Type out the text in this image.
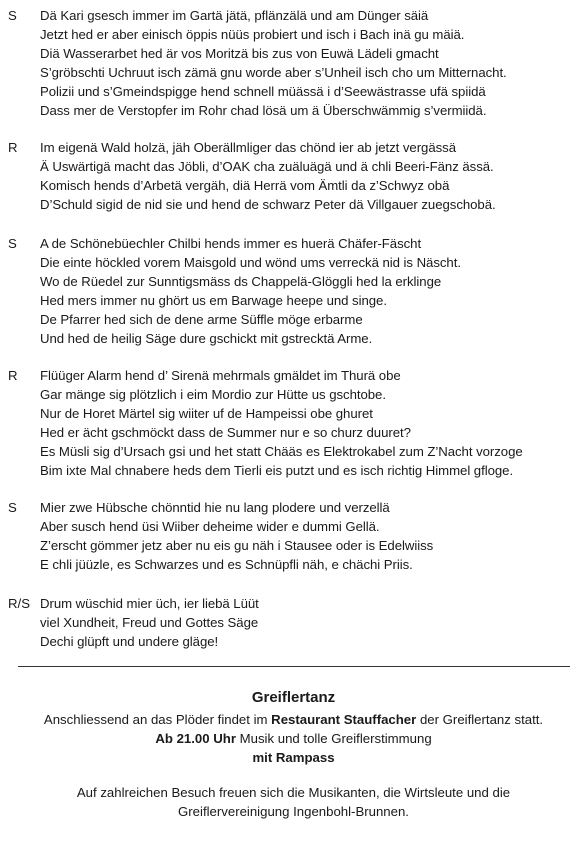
S Dä Kari gsesch immer im Gartä jätä, pflänzälä und am Dünger säiä
Jetzt hed er aber einisch öppis nüüs probiert und isch i Bach inä gu mäiä.
Diä Wasserarbet hed är vos Moritzä bis zus von Euwä Lädeli gmacht
S’gröbschti Uchruut isch zämä gnu worde aber s’Unheil isch cho um Mitternacht.
Polizii und s’Gmeindspigge hend schnell müässä i d’Seewästrasse ufä spiidä
Dass mer de Verstopfer im Rohr chad lösä um ä Überschwämmig s’vermiidä.
R Im eigenä Wald holzä, jäh Oberällmliger das chönd ier ab jetzt vergässä
Ä Uswärtigä macht das Jöbli, d’OAK cha zuäluägä und ä chli Beeri-Fänz ässä.
Komisch hends d’Arbetä vergäh, diä Herrä vom Ämtli da z’Schwyz obä
D’Schuld sigid de nid sie und hend de schwarz Peter dä Villgauer zuegschobä.
S A de Schönebüechler Chilbi hends immer es huerä Chäfer-Fäscht
Die einte höckled vorem Maisgold und wönd ums verreckä nid is Näscht.
Wo de Rüedel zur Sunntigsmäss ds Chappelä-Glöggli hed la erklinge
Hed mers immer nu ghört us em Barwage heepe und singe.
De Pfarrer hed sich de dene arme Süffle möge erbarme
Und hed de heilig Säge dure gschickt mit gstrecktä Arme.
R Flüüger Alarm hend d’ Sirenä mehrmals gmäldet im Thurä obe
Gar mänge sig plötzlich i eim Mordio zur Hütte us gschtobe.
Nur de Horet Märtel sig wiiter uf de Hampeissi obe ghuret
Hed er ächt gschmöckt dass de Summer nur e so churz duuret?
Es Müsli sig d’Ursach gsi und het statt Chääs es Elektrokabel zum Z’Nacht vorzoge
Bim ixte Mal chnabere heds dem Tierli eis putzt und es isch richtig Himmel gfloge.
S Mier zwe Hübsche chönntid hie nu lang plodere und verzellä
Aber susch hend üsi Wiiber deheime wider e dummi Gellä.
Z’erscht gömmer jetz aber nu eis gu näh i Stausee oder is Edelwiiss
E chli jüüzle, es Schwarzes und es Schnüpfli näh, e chächi Priis.
R/S Drum wüschid mier üch, ier liebä Lüüt
viel Xundheit, Freud und Gottes Säge
Dechi glüpft und undere gläge!
Greiflertanz
Anschliessend an das Plöder findet im Restaurant Stauffacher der Greiflertanz statt.
Ab 21.00 Uhr Musik und tolle Greiflerstimmung
mit Rampass
Auf zahlreichen Besuch freuen sich die Musikanten, die Wirtsleute und die
Greiflervereinigung Ingenbohl-Brunnen.
